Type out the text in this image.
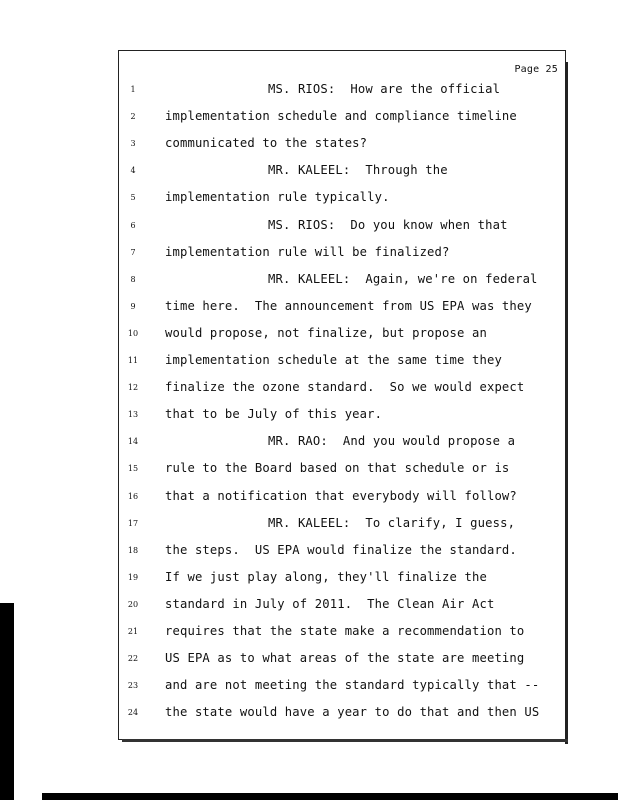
Page 25
1	MS. RIOS:  How are the official
2	implementation schedule and compliance timeline
3	communicated to the states?
4	MR. KALEEL:  Through the
5	implementation rule typically.
6	MS. RIOS:  Do you know when that
7	implementation rule will be finalized?
8	MR. KALEEL:  Again, we're on federal
9	time here.  The announcement from US EPA was they
10	would propose, not finalize, but propose an
11	implementation schedule at the same time they
12	finalize the ozone standard.  So we would expect
13	that to be July of this year.
14	MR. RAO:  And you would propose a
15	rule to the Board based on that schedule or is
16	that a notification that everybody will follow?
17	MR. KALEEL:  To clarify, I guess,
18	the steps.  US EPA would finalize the standard.
19	If we just play along, they'll finalize the
20	standard in July of 2011.  The Clean Air Act
21	requires that the state make a recommendation to
22	US EPA as to what areas of the state are meeting
23	and are not meeting the standard typically that --
24	the state would have a year to do that and then US
